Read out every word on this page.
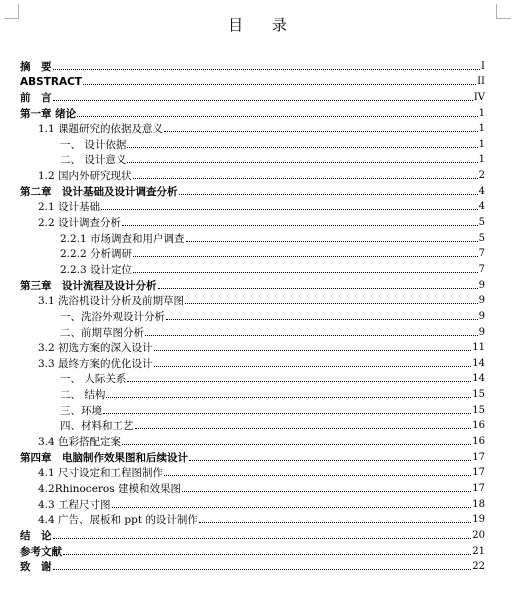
目 录
摘　要	I
ABSTRACT	II
前　言	IV
第一章 绪论	1
1.1 课题研究的依据及意义	1
一、 设计依据	1
二、 设计意义	1
1.2 国内外研究现状	2
第二章　设计基础及设计调查分析	4
2.1 设计基础	4
2.2 设计调查分析	5
2.2.1 市场调查和用户调查	5
2.2.2 分析调研	7
2.2.3 设计定位	7
第三章　设计流程及设计分析	9
3.1 洗浴机设计分析及前期草图	9
一、洗浴外观设计分析	9
二、前期草图分析	9
3.2 初选方案的深入设计	11
3.3 最终方案的优化设计	14
一、 人际关系	14
二、 结构	15
三、环境	15
四、材料和工艺	16
3.4 色彩搭配定案	16
第四章　电脑制作效果图和后续设计	17
4.1 尺寸设定和工程图制作	17
4.2Rhinoceros 建模和效果图	17
4.3 工程尺寸图	18
4.4 广告、展板和 ppt 的设计制作	19
结　论	20
参考文献	21
致　谢	22
